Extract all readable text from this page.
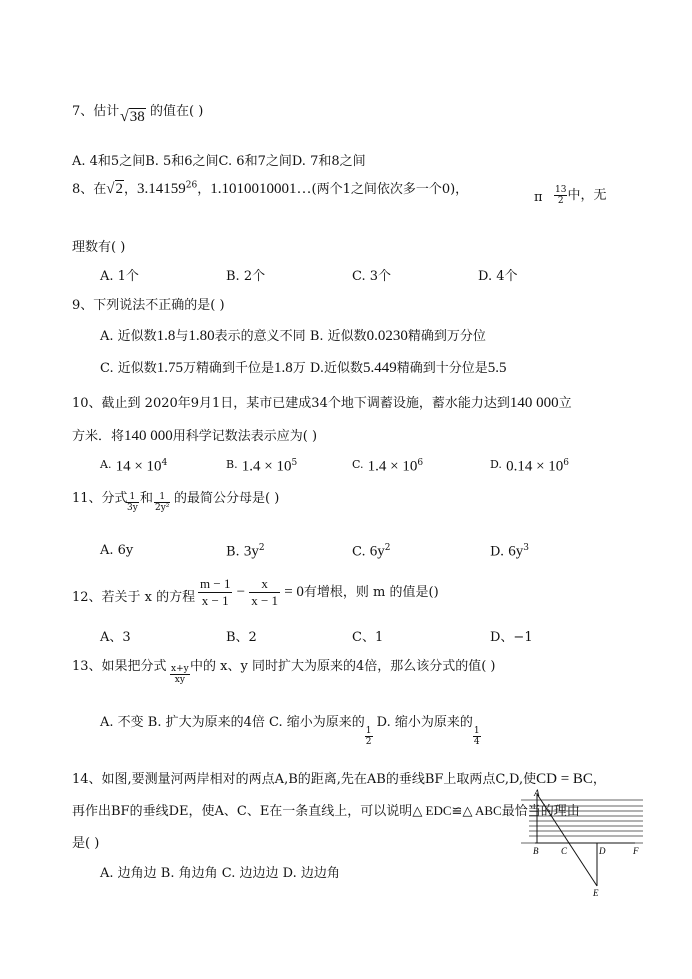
7、估计 √38 的值在( )
A. 4和5之间B. 5和6之间C. 6和7之间D. 7和8之间
8、在√2，3.14159$^{26}$，1.1010010001…(两个1之间依次多一个0)，
π $\frac{13}{2}$ 中，无
理数有( )
A. 1个	B. 2个	C. 3个	D. 4个
9、下列说法不正确的是( )
A. 近似数1.8与1.80表示的意义不同 B. 近似数0.0230精确到万分位
C. 近似数1.75万精确到千位是1.8万 D.近似数5.449精确到十分位是5.5
10、截止到 2020年9月1日，某市已建成34个地下调蓄设施，蓄水能力达到140 000立
方米．将140 000用科学记数法表示应为( )
$^{A.}$ $14 \times 10^4$	$^{B.}$ $1.4 \times 10^5$	$^{C.}$ $1.4 \times 10^6$	$^{D.}$ $0.14 \times 10^6$
11、分式
$\frac{1}{3y}$ 和 $\frac{1}{\text{2y²}}$ 的最简公分母是( )
A. 6y	B. $3y^2$	C. $6y^2$	D. $6y^3$
12、若关于 x 的方程 $\frac{m - 1}{x - 1} - \frac{x}{x - 1} = 0$有增根，则 m 的值是()
A、3	B、2	C、1	D、−1
13、如果把分式 $\frac{x+y}{xy}$ 中的 x、y 同时扩大为原来的4倍，那么该分式的值( )
A. 不变 B. 扩大为原来的4倍 C. 缩小为原来的
$\frac{1}{2}$
D. 缩小为原来的
$\frac{1}{4}$
14、如图,要测量河两岸相对的两点A,B的距离,先在AB的垂线BF上取两点C,D,使CD = BC，
再作出BF的垂线DE，使A、C、E在一条直线上，可以说明△ EDC≌△ ABC最恰当的理由
是( )
A. 边角边 B. 角边角 C. 边边边 D. 边边角
A
B	C	D	F
E
